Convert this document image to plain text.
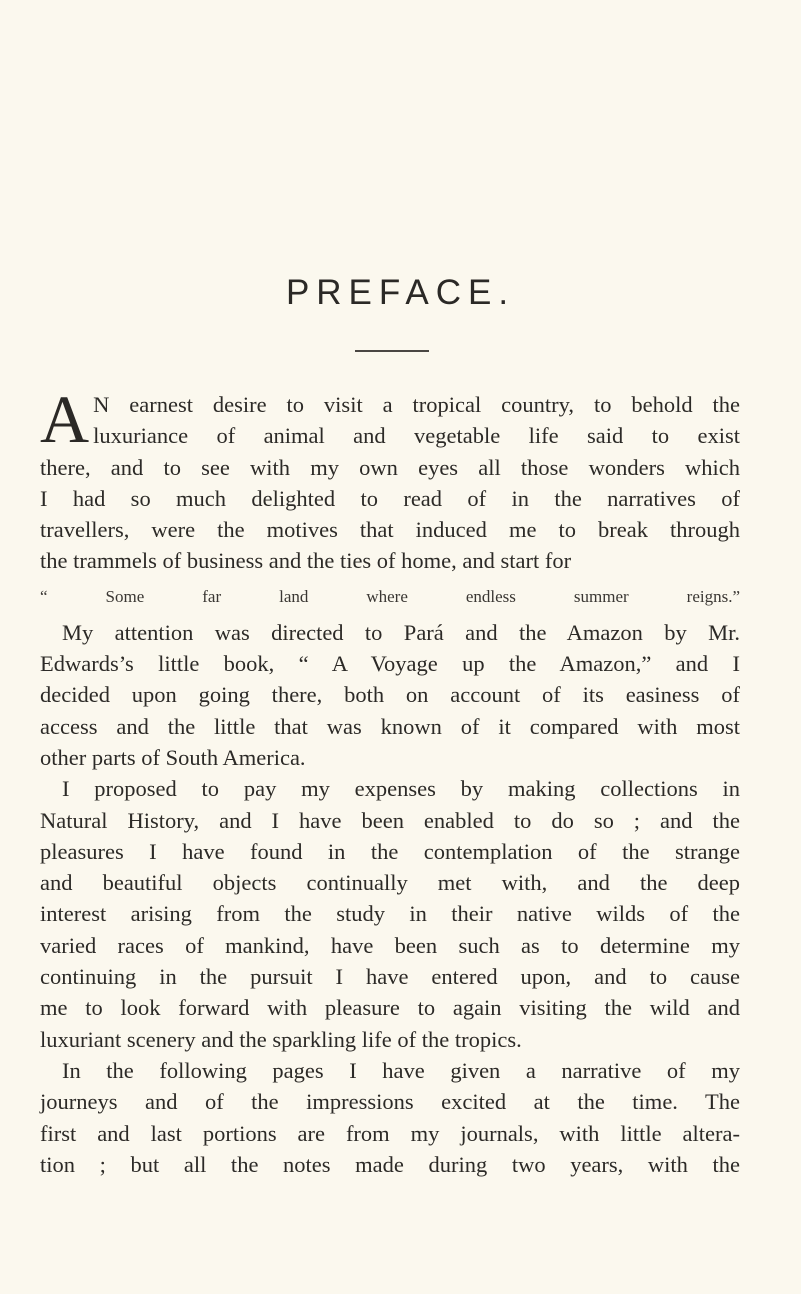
PREFACE.
A N earnest desire to visit a tropical country, to behold the
luxuriance of animal and vegetable life said to exist
there, and to see with my own eyes all those wonders which
I had so much delighted to read of in the narratives of
travellers, were the motives that induced me to break through
the trammels of business and the ties of home, and start for
“ Some far land where endless summer reigns.”
My attention was directed to Pará and the Amazon by Mr.
Edwards’s little book, “ A Voyage up the Amazon,” and I
decided upon going there, both on account of its easiness of
access and the little that was known of it compared with most
other parts of South America.
I proposed to pay my expenses by making collections in
Natural History, and I have been enabled to do so ; and the
pleasures I have found in the contemplation of the strange
and beautiful objects continually met with, and the deep
interest arising from the study in their native wilds of the
varied races of mankind, have been such as to determine my
continuing in the pursuit I have entered upon, and to cause
me to look forward with pleasure to again visiting the wild and
luxuriant scenery and the sparkling life of the tropics.
In the following pages I have given a narrative of my
journeys and of the impressions excited at the time. The
first and last portions are from my journals, with little altera-
tion ; but all the notes made during two years, with the
